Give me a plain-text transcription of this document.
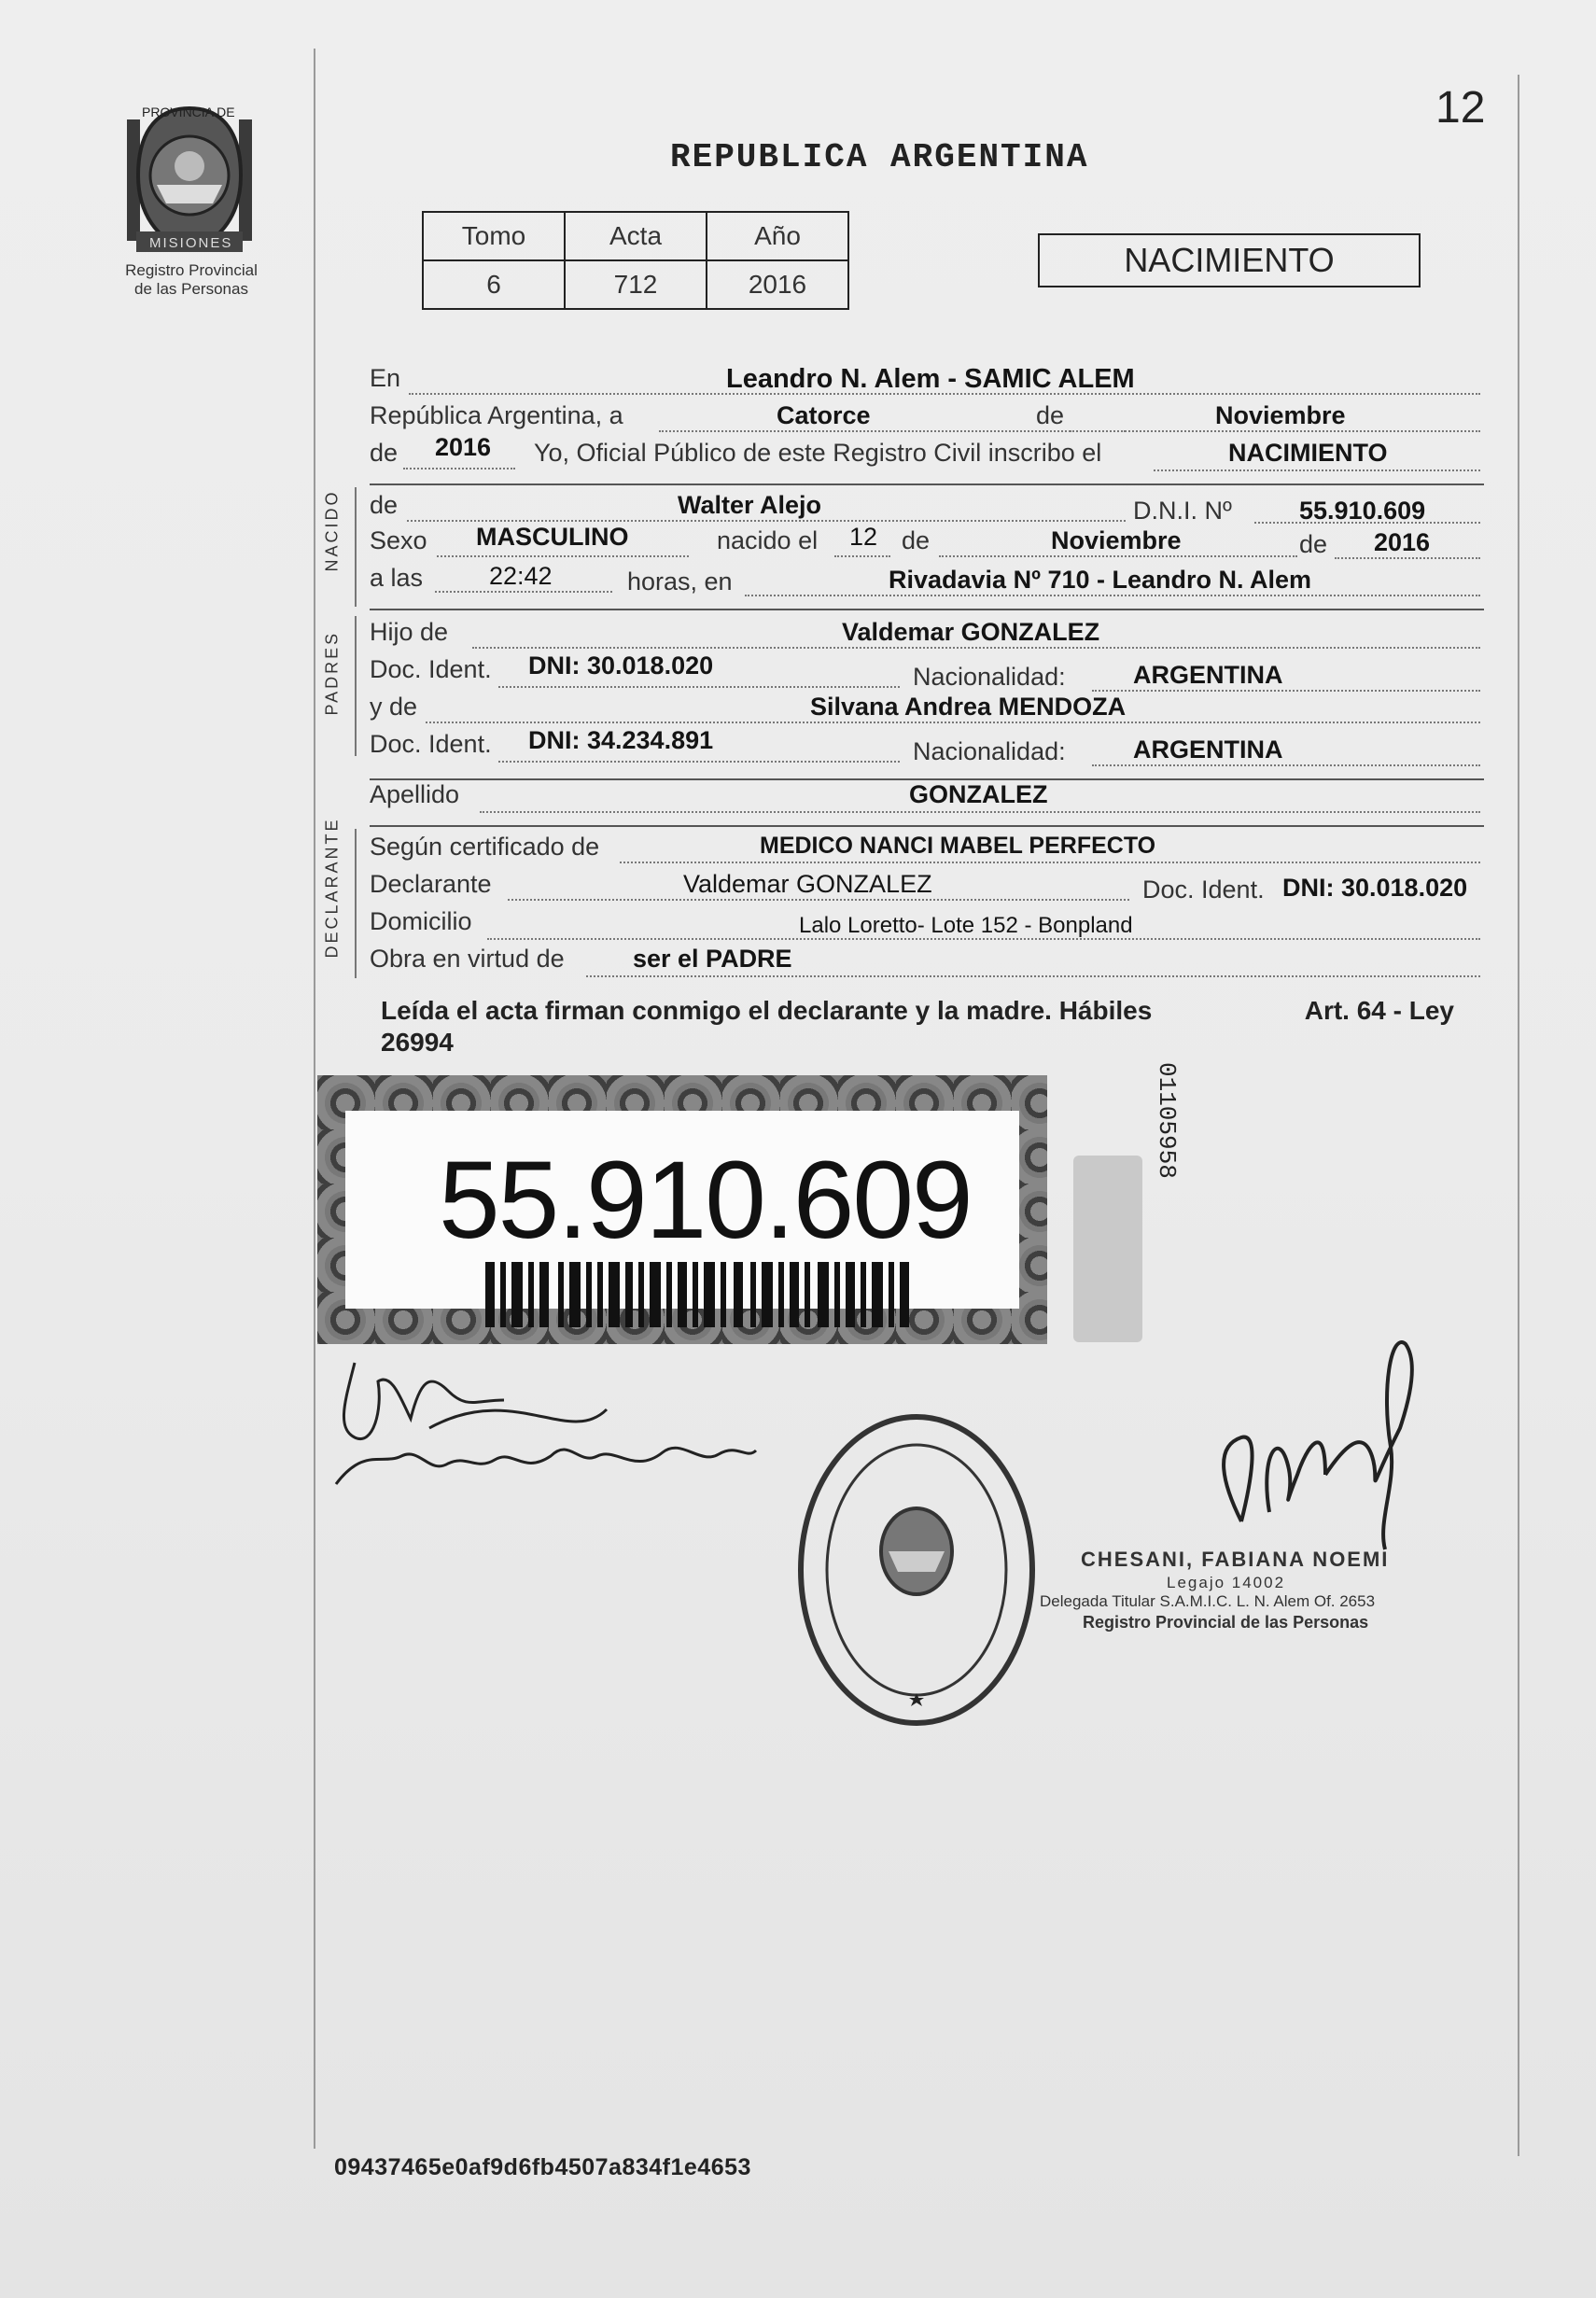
PROVINCIA DE
MISIONES
Registro Provincial
de las Personas
12
REPUBLICA ARGENTINA
Tomo	Acta	Año
6	712	2016
NACIMIENTO
En	Leandro N. Alem - SAMIC ALEM
República Argentina, a	Catorce	de	Noviembre
de 2016 Yo, Oficial Público de este Registro Civil inscribo el	NACIMIENTO
NACIDO de	Walter Alejo	D.N.I. Nº	55.910.609
Sexo MASCULINO	nacido el 12 de	Noviembre	de 2016
a las	22:42	horas, en	Rivadavia Nº 710 - Leandro N. Alem
PADRES Hijo de	Valdemar GONZALEZ
Doc. Ident. DNI: 30.018.020	Nacionalidad:	ARGENTINA
y de	Silvana Andrea MENDOZA
Doc. Ident. DNI: 34.234.891	Nacionalidad:	ARGENTINA
Apellido	GONZALEZ
DECLARANTE Según certificado de	MEDICO NANCI MABEL PERFECTO
Declarante	Valdemar GONZALEZ	Doc. Ident. DNI: 30.018.020
Domicilio	Lalo Loretto- Lote 152 - Bonpland
Obra en virtud de	ser el PADRE
Leída el acta firman conmigo el declarante y la madre. Hábiles	Art. 64 - Ley
26994
55.910.609
01105958
CHESANI, FABIANA NOEMI
Legajo 14002
Delegada Titular S.A.M.I.C. L. N. Alem Of. 2653
Registro Provincial de las Personas
09437465e0af9d6fb4507a834f1e4653
